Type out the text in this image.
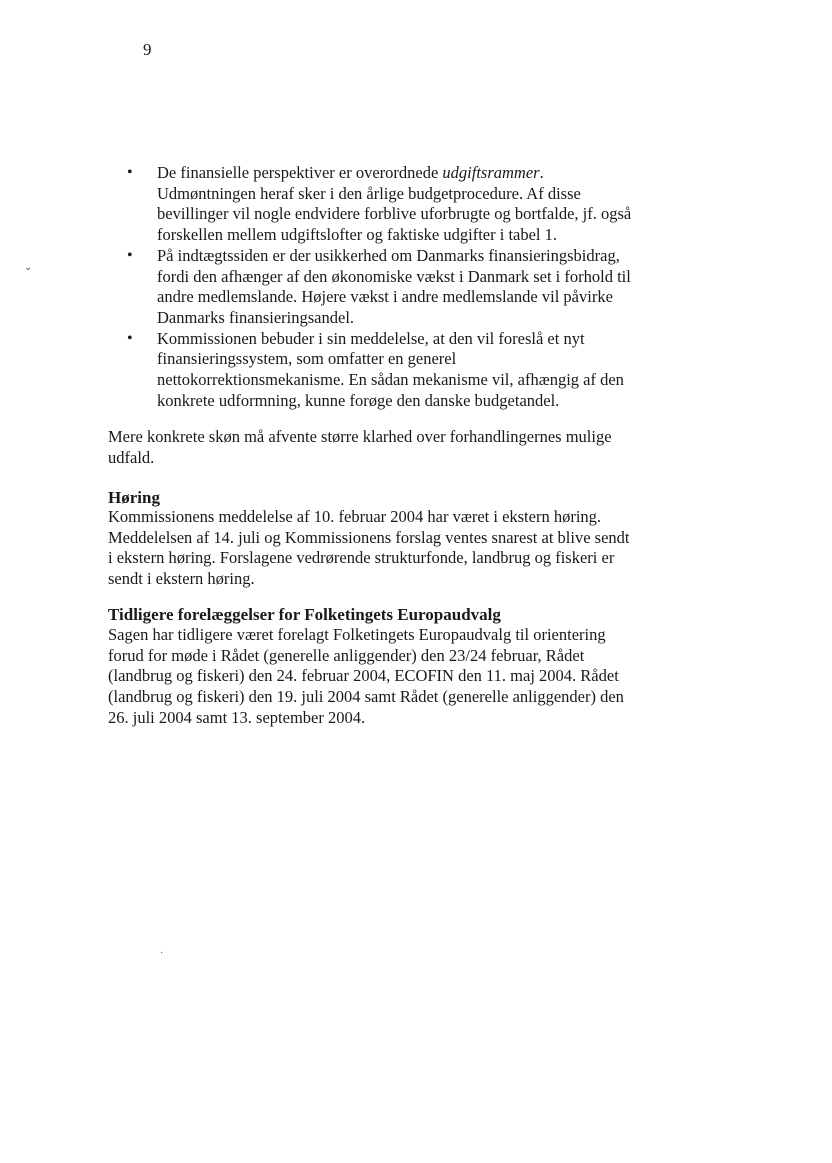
9
• De finansielle perspektiver er overordnede udgiftsrammer. Udmøntningen heraf sker i den årlige budgetprocedure. Af disse bevillinger vil nogle endvidere forblive uforbrugte og bortfalde, jf. også forskellen mellem udgiftslofter og faktiske udgifter i tabel 1.
• På indtægtssiden er der usikkerhed om Danmarks finansieringsbidrag, fordi den afhænger af den økonomiske vækst i Danmark set i forhold til andre medlemslande. Højere vækst i andre medlemslande vil påvirke Danmarks finansieringsandel.
• Kommissionen bebuder i sin meddelelse, at den vil foreslå et nyt finansieringssystem, som omfatter en generel nettokorrektionsmekanisme. En sådan mekanisme vil, afhængig af den konkrete udformning, kunne forøge den danske budgetandel.

Mere konkrete skøn må afvente større klarhed over forhandlingernes mulige udfald.

Høring

Kommissionens meddelelse af 10. februar 2004 har været i ekstern høring. Meddelelsen af 14. juli og Kommissionens forslag ventes snarest at blive sendt i ekstern høring. Forslagene vedrørende strukturfonde, landbrug og fiskeri er sendt i ekstern høring.

Tidligere forelæggelser for Folketingets Europaudvalg

Sagen har tidligere været forelagt Folketingets Europaudvalg til orientering forud for møde i Rådet (generelle anliggender) den 23/24 februar, Rådet (landbrug og fiskeri) den 24. februar 2004, ECOFIN den 11. maj 2004. Rådet (landbrug og fiskeri) den 19. juli 2004 samt Rådet (generelle anliggender) den 26. juli 2004 samt 13. september 2004.

⌄
·
